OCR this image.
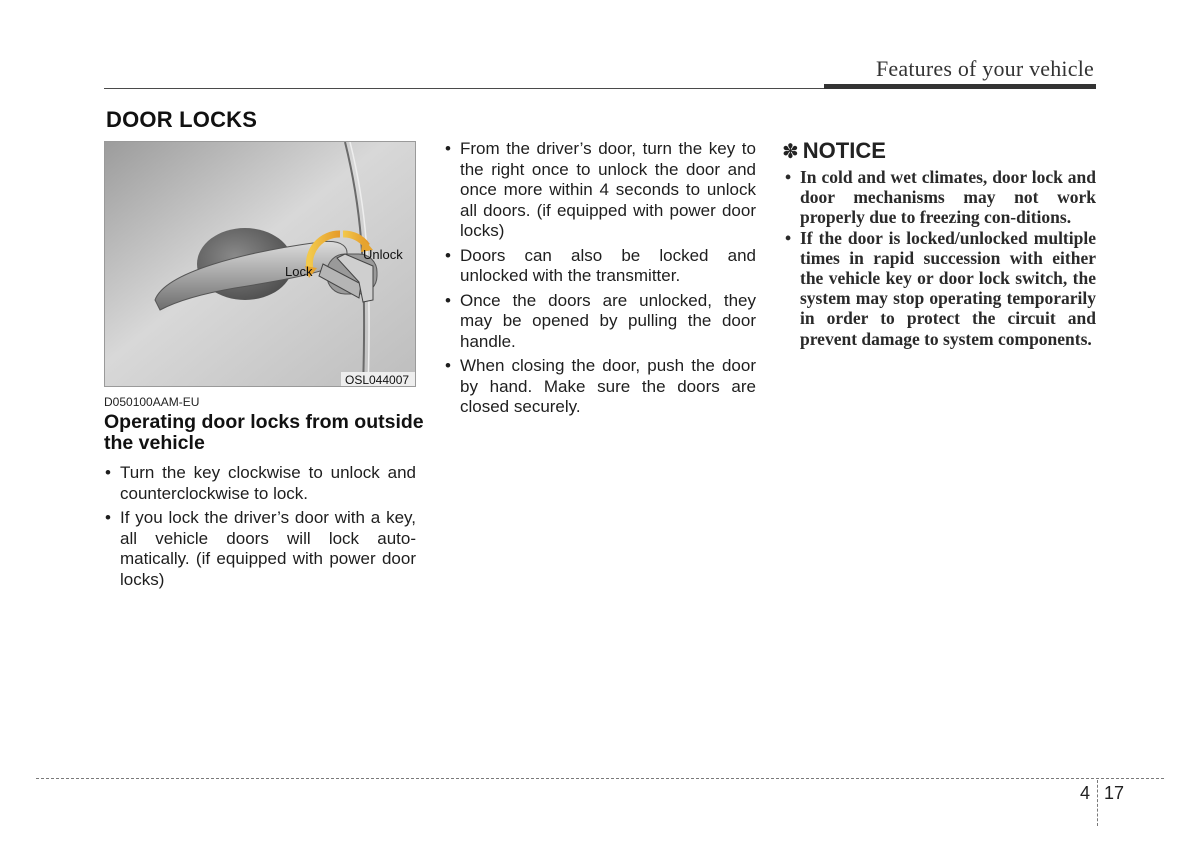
Features of your vehicle
DOOR LOCKS
Unlock
Lock
OSL044007
D050100AAM-EU
Operating door locks from outside the vehicle
• Turn the key clockwise to unlock and counterclockwise to lock.
• If you lock the driver’s door with a key, all vehicle doors will lock auto-matically. (if equipped with power door locks)
• From the driver’s door, turn the key to the right once to unlock the door and once more within 4 seconds to unlock all doors. (if equipped with power door locks)
• Doors can also be locked and unlocked with the transmitter.
• Once the doors are unlocked, they may be opened by pulling the door handle.
• When closing the door, push the door by hand. Make sure the doors are closed securely.
✽ NOTICE
• In cold and wet climates, door lock and door mechanisms may not work properly due to freezing con-ditions.
• If the door is locked/unlocked multiple times in rapid succession with either the vehicle key or door lock switch, the system may stop operating temporarily in order to protect the circuit and prevent damage to system components.
4 17
